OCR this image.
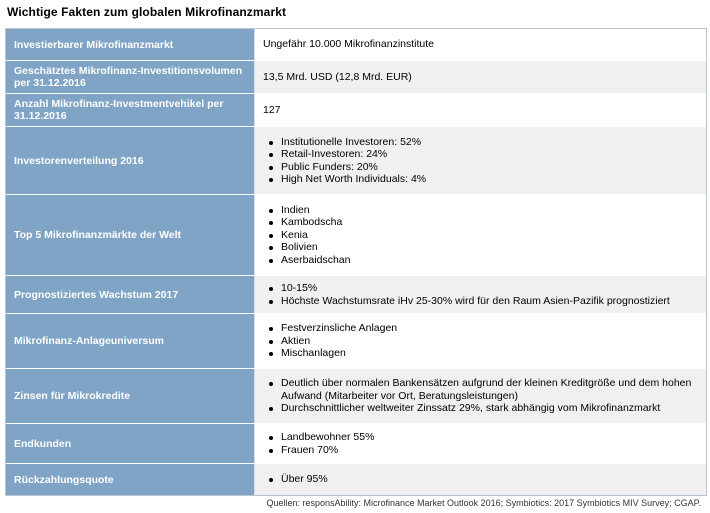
Wichtige Fakten zum globalen Mikrofinanzmarkt
Investierbarer Mikrofinanzmarkt	Ungefähr 10.000 Mikrofinanzinstitute
Geschätztes Mikrofinanz-Investitionsvolumen per 31.12.2016
13,5 Mrd. USD (12,8 Mrd. EUR)
Anzahl Mikrofinanz-Investmentvehikel per 31.12.2016
127
Investorenverteilung 2016
Institutionelle Investoren: 52%
Retail-Investoren: 24%
Public Funders: 20%
High Net Worth Individuals: 4%
Top 5 Mikrofinanzmärkte der Welt
Indien
Kambodscha
Kenia
Bolivien
Aserbaidschan
Prognostiziertes Wachstum 2017
10-15%
Höchste Wachstumsrate iHv 25-30% wird für den Raum Asien-Pazifik prognostiziert
Mikrofinanz-Anlageuniversum
Festverzinsliche Anlagen
Aktien
Mischanlagen
Zinsen für Mikrokredite
Deutlich über normalen Bankensätzen aufgrund der kleinen Kreditgröße und dem hohen Aufwand (Mitarbeiter vor Ort, Beratungsleistungen)
Durchschnittlicher weltweiter Zinssatz 29%, stark abhängig vom Mikrofinanzmarkt
Endkunden
Landbewohner 55%
Frauen 70%
Rückzahlungsquote	Über 95%
Quellen: responsAbility: Microfinance Market Outlook 2016; Symbiotics: 2017 Symbiotics MIV Survey; CGAP.
